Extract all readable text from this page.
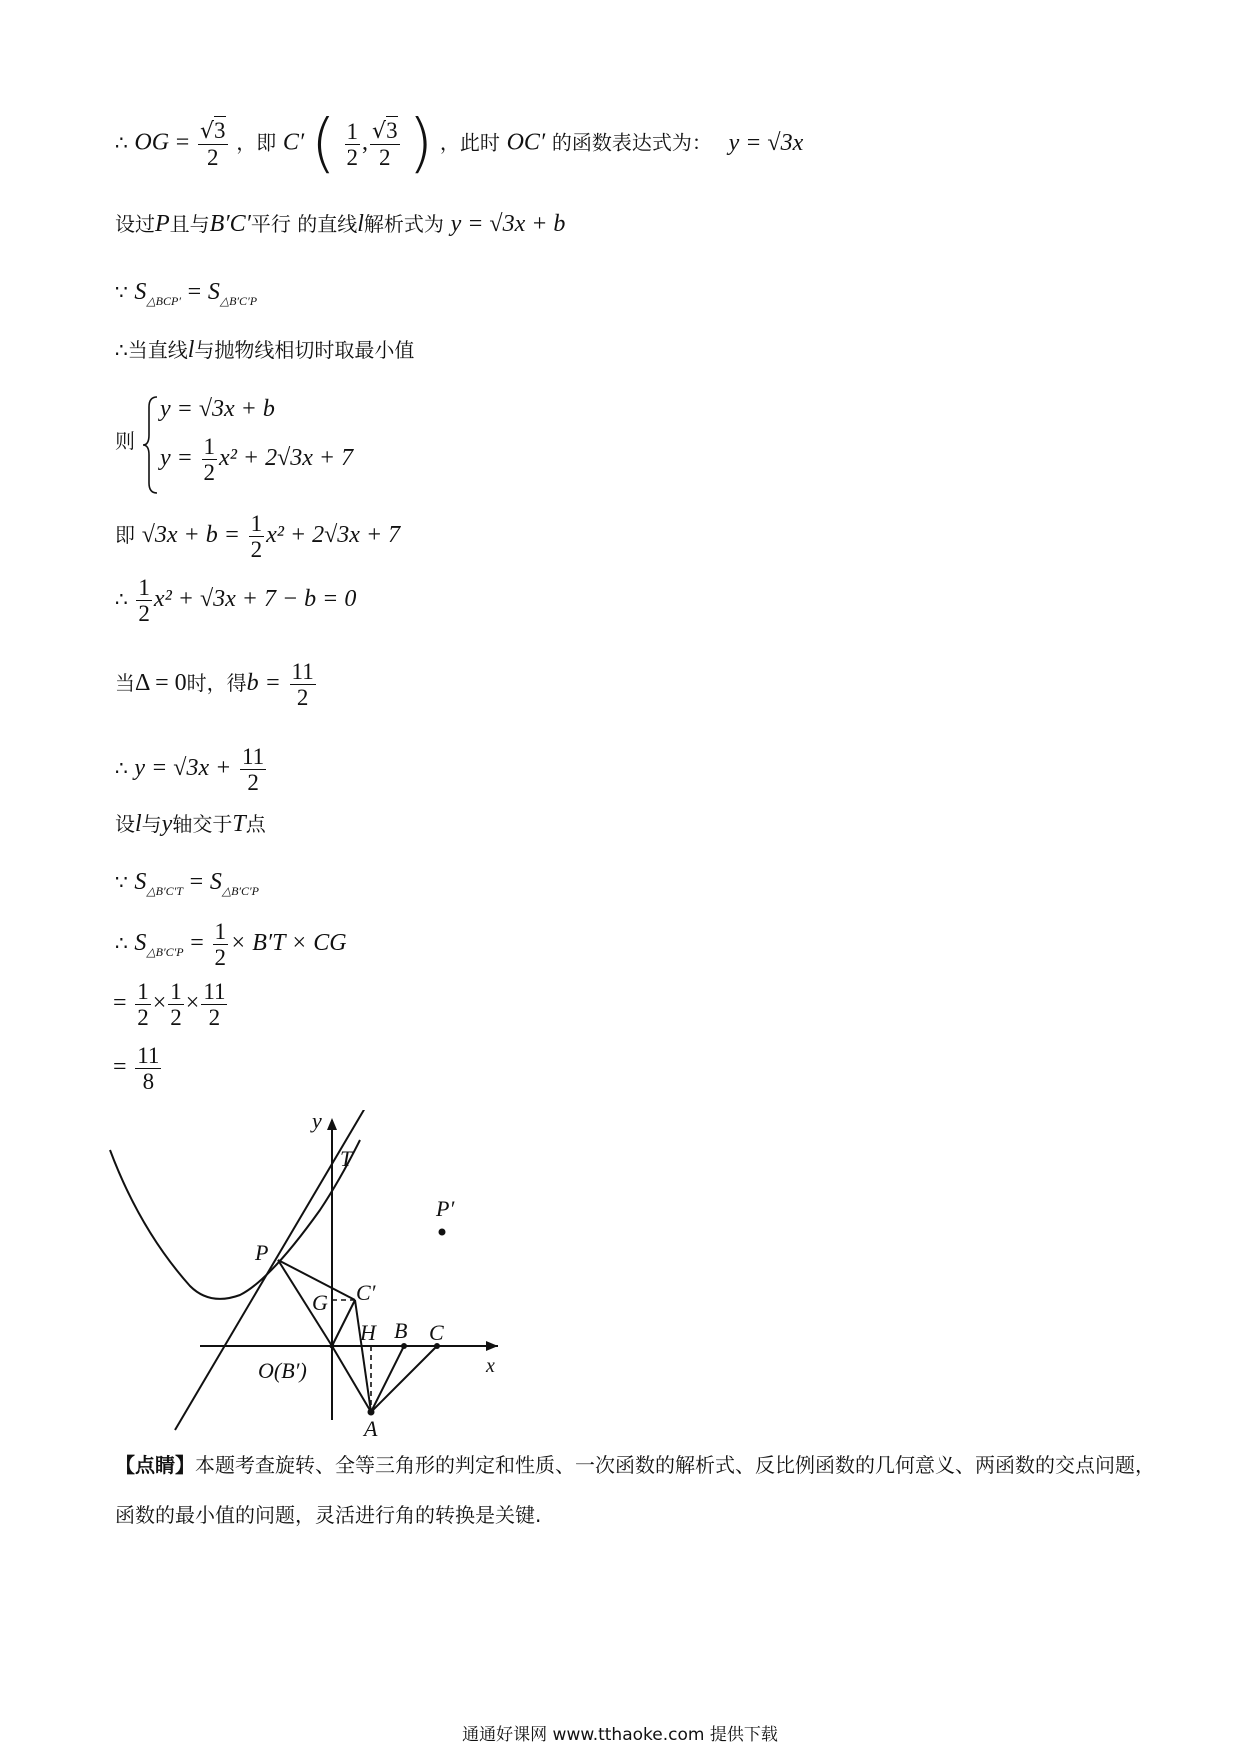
∴ OG = $\frac{√3}{2}$ ，即 C′ ( $\frac{1}{2}$ , $\frac{√3}{2}$ ) ，此时 OC′ 的函数表达式为： y = √3x
设过P且与B′C′平行 的直线l解析式为 y = √3x + b
∵ $S_{\triangle BCP'} = S_{\triangle B'C'P}$
∴当直线l与抛物线相切时取最小值
则
y = √3x + b
$y = \frac{1}{2} x^2 + 2√3x + 7$
即 $√3x + b = \frac{1}{2} x^2 + 2√3x + 7$
∴ $\frac{1}{2} x^2 + √3x + 7 - b = 0$
当Δ = 0时，得$b = \frac{11}{2}$
∴ $y = √3x + \frac{11}{2}$
设l与y轴交于T点
∵ $S_{\triangle B'C'T} = S_{\triangle B'C'P}$
∴ $S_{\triangle B'C'P} = \frac{1}{2} \times B'T$ × CG
= $\frac{1}{2} \times \frac{1}{2} \times \frac{11}{2}$
= $\frac{11}{8}$
y
x
T
P′
P
G C′
H B C
O(B′)
A
【点睛】本题考查旋转、全等三角形的判定和性质、一次函数的解析式、反比例函数的几何意义、两函数的交点问题，函数的最小值的问题，灵活进行角的转换是关键.
通通好课网 www.tthaoke.com 提供下载
